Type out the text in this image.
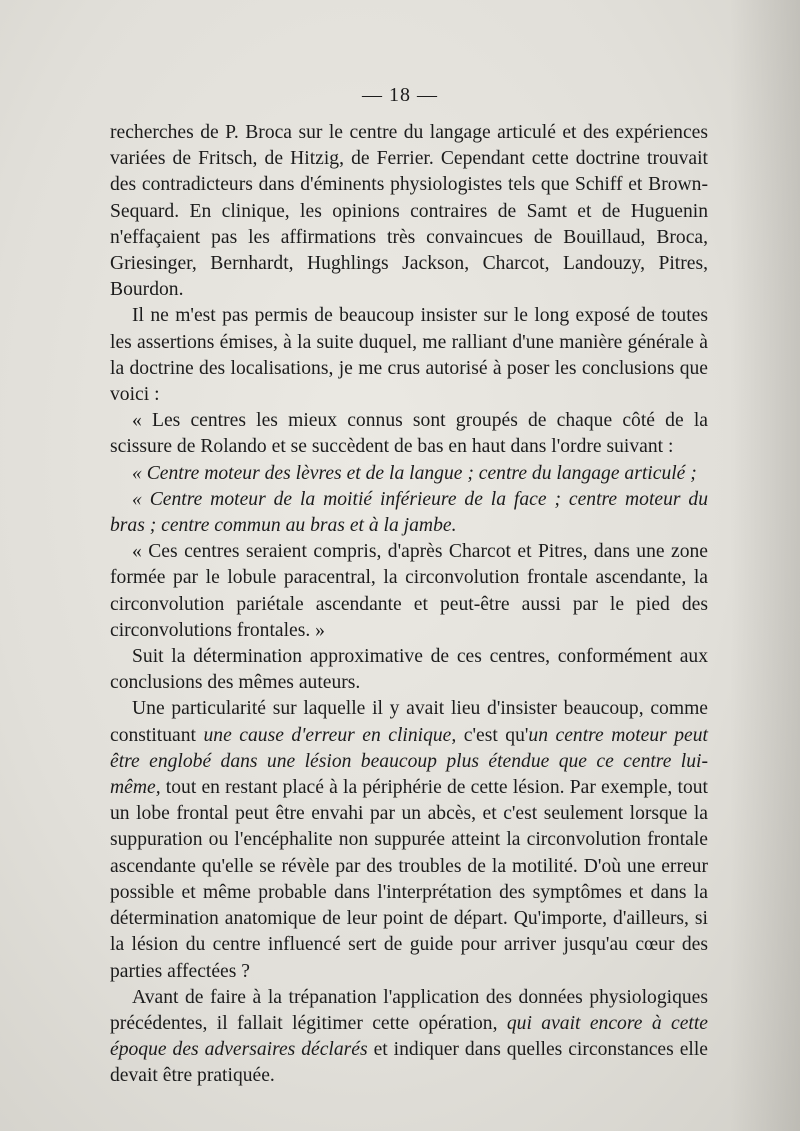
— 18 —

recherches de P. Broca sur le centre du langage articulé et des expériences variées de Fritsch, de Hitzig, de Ferrier. Cependant cette doctrine trouvait des contradicteurs dans d'éminents physiologistes tels que Schiff et Brown-Sequard. En clinique, les opinions contraires de Samt et de Huguenin n'effaçaient pas les affirmations très convaincues de Bouillaud, Broca, Griesinger, Bernhardt, Hughlings Jackson, Charcot, Landouzy, Pitres, Bourdon.

Il ne m'est pas permis de beaucoup insister sur le long exposé de toutes les assertions émises, à la suite duquel, me ralliant d'une manière générale à la doctrine des localisations, je me crus autorisé à poser les conclusions que voici :

« Les centres les mieux connus sont groupés de chaque côté de la scissure de Rolando et se succèdent de bas en haut dans l'ordre suivant :

« Centre moteur des lèvres et de la langue ; centre du langage articulé ;

« Centre moteur de la moitié inférieure de la face ; centre moteur du bras ; centre commun au bras et à la jambe.

« Ces centres seraient compris, d'après Charcot et Pitres, dans une zone formée par le lobule paracentral, la circonvolution frontale ascendante, la circonvolution pariétale ascendante et peut-être aussi par le pied des circonvolutions frontales. »

Suit la détermination approximative de ces centres, conformément aux conclusions des mêmes auteurs.

Une particularité sur laquelle il y avait lieu d'insister beaucoup, comme constituant une cause d'erreur en clinique, c'est qu'un centre moteur peut être englobé dans une lésion beaucoup plus étendue que ce centre lui-même, tout en restant placé à la périphérie de cette lésion. Par exemple, tout un lobe frontal peut être envahi par un abcès, et c'est seulement lorsque la suppuration ou l'encéphalite non suppurée atteint la circonvolution frontale ascendante qu'elle se révèle par des troubles de la motilité. D'où une erreur possible et même probable dans l'interprétation des symptômes et dans la détermination anatomique de leur point de départ. Qu'importe, d'ailleurs, si la lésion du centre influencé sert de guide pour arriver jusqu'au cœur des parties affectées ?

Avant de faire à la trépanation l'application des données physiologiques précédentes, il fallait légitimer cette opération, qui avait encore à cette époque des adversaires déclarés et indiquer dans quelles circonstances elle devait être pratiquée.
